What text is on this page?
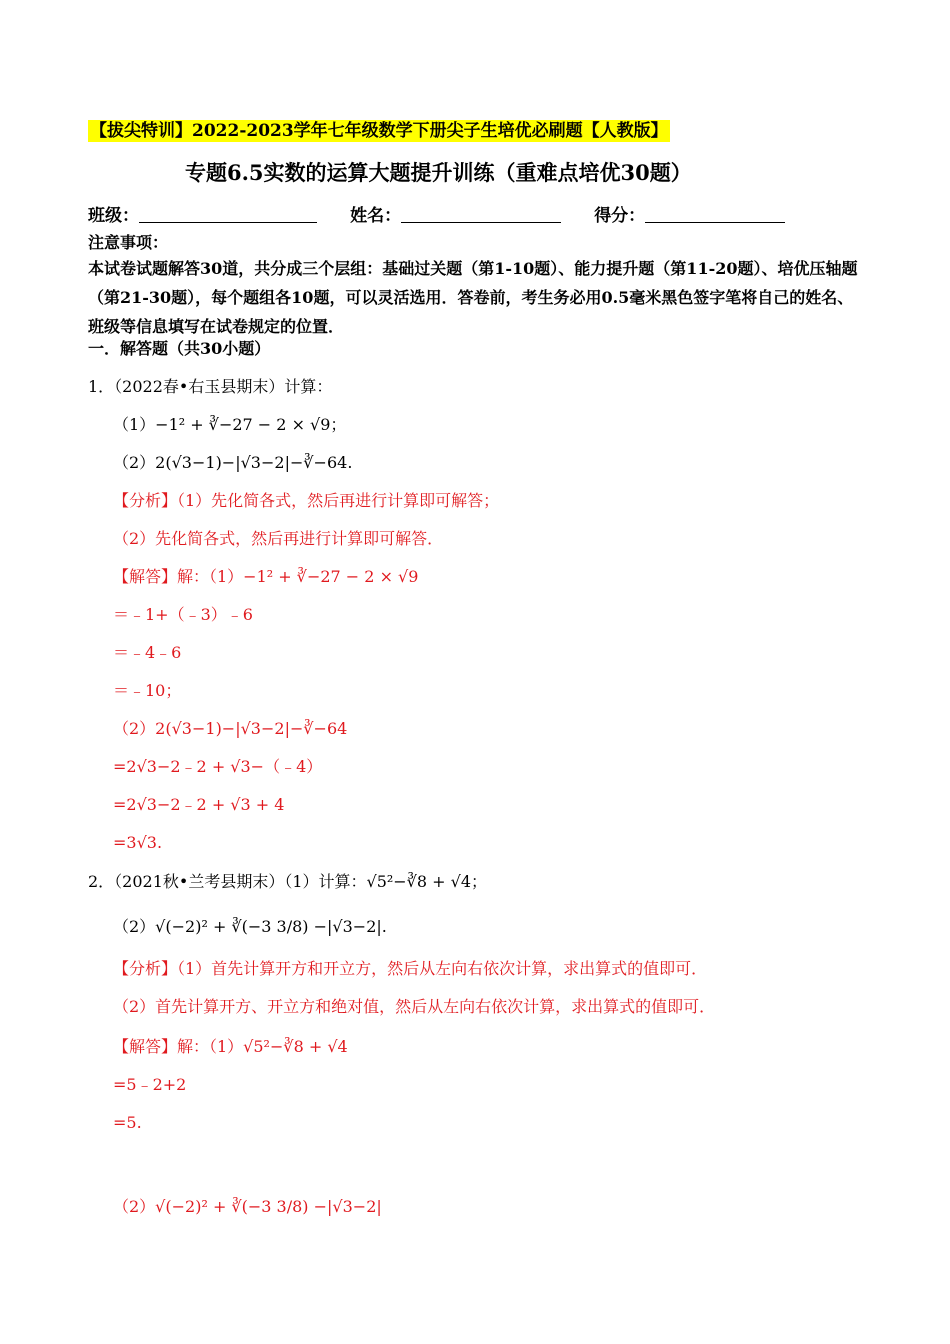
【拔尖特训】2022-2023学年七年级数学下册尖子生培优必刷题【人教版】
专题6.5实数的运算大题提升训练（重难点培优30题）
班级：	姓名：	得分：
注意事项：
本试卷试题解答30道，共分成三个层组：基础过关题（第1-10题）、能力提升题（第11-20题）、培优压轴题（第21-30题），每个题组各10题，可以灵活选用．答卷前，考生务必用0.5毫米黑色签字笔将自己的姓名、班级等信息填写在试卷规定的位置．
一．解答题（共30小题）
1．（2022春•右玉县期末）计算：
（1）−1² + ∛−27 − 2 × √9；
（2）2(√3−1)−|√3−2|−∛−64.
【分析】（1）先化简各式，然后再进行计算即可解答；
（2）先化简各式，然后再进行计算即可解答．
【解答】解：（1）−1² + ∛−27 − 2 × √9
＝﹣1+（﹣3）﹣6
＝﹣4﹣6
＝﹣10；
（2）2(√3−1)−|√3−2|−∛−64
=2√3−2﹣2 + √3−（﹣4）
=2√3−2﹣2 + √3 + 4
=3√3.
2．（2021秋•兰考县期末）（1）计算：√5²−∛8 + √4；
（2）√(−2)² + ∛(−3 3/8) −|√3−2|.
【分析】（1）首先计算开方和开立方，然后从左向右依次计算，求出算式的值即可．
（2）首先计算开方、开立方和绝对值，然后从左向右依次计算，求出算式的值即可．
【解答】解：（1）√5²−∛8 + √4
=5﹣2+2
=5.
（2）√(−2)² + ∛(−3 3/8) −|√3−2|
